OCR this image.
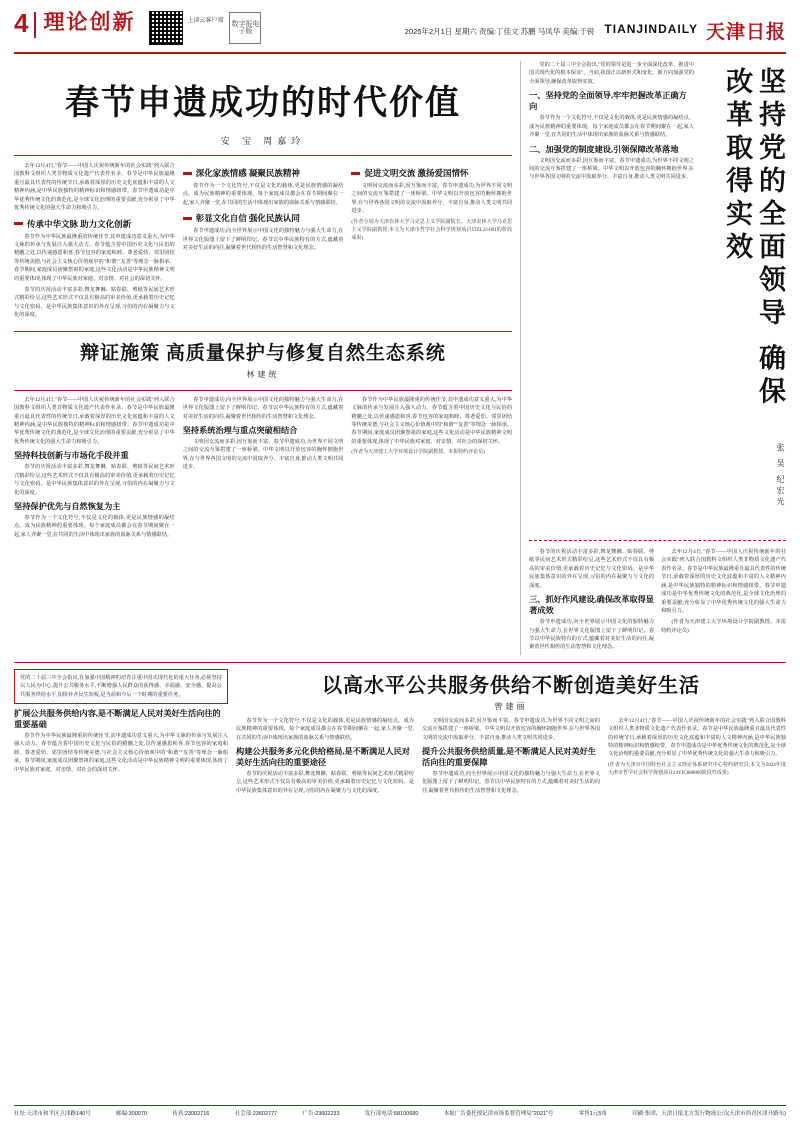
4 理论创新	上津云客户端 数字报电子版	2025年2月1日 星期六 责编:丁佳文 苏鹏 马凤华 美编:于锐 TIANJINDAILY 天津日报
春节申遗成功的时代价值
安 宝 周嘉玲

去年12月4日,"春节——中国人庆祝传统新年的社会实践"列入联合国教科文组织人类非物质文化遗产代表作名录。春节是中华民族最隆重且最具代表性的传统节日,承载着深厚的历史文化底蕴和丰富的人文精神内涵,是中华民族独特的精神标识和情感纽带。春节申遗成功是中华优秀传统文化的典范化,是全球文化治理的重要贡献,充分彰显了中华优秀传统文化的强大生命力和吸引力。

传承中华文脉 助力文化创新

春节作为中华民族最隆重的传统佳节,其申遗成功意义重大,为中华文脉的传承与发展注入强大动力。春节蕴含着中国历史文化与民俗的精髓之处,以传递感恩和喜,春节包容的家庭和睦、尊老爱幼、邻里团结等传统美德,与社会主义核心价值观中的"和谐""友善"等理念一脉相承。春节期间,家庭成员团聚祭祖的家庭,这些文化活动是中华民族精神文明的重要体现,体现了中华民族对家庭、对亲情、对社会的深切关怀。

春节的庆祝活动丰富多彩,舞龙舞狮、贴春联、剪纸等民间艺术形式精彩纷呈,这些艺术形式不仅具有极高的审美价值,更承载着历史记忆与文化密码。是中华民族集体意识的外在呈现,习俗的内在凝聚力与文化的深度。

深化家族情感 凝聚民族精神

春节作为一个文化符号,不仅是文化的载体,更是民族情感的凝结点。成为民族精神的重要体现。每个家庭成员都会在春节期间聚在一起,家人齐聚一堂,在共同的生活中体现出家族的血脉关系与情感联结。

彰显文化自信 强化民族认同

春节申遗成功,向全世界展示中国文化的独特魅力与强大生命力,在世界文化版图上留下了鲜明印记。春节以中华民族特有的方式,蕴藏着对美好生活的向往,凝聚着世代相传的生活智慧和文化理念。

促进文明交流 激扬爱国情怀

文明因交流而多彩,因互鉴而丰富。春节申遗成功,为世界不同文明之间的交流互鉴搭建了一座桥梁。中华文明以开放包容的胸怀拥抱世界,在与世界各国文明的交流中汲取养分、丰富自身,推动人类文明共同进步。

(作者分别为天津农林大学马克思主义学院副院长、天津农林大学马克思主义学院副教授;本文为天津市哲学社会科学规划项目TJZL23-001的阶段成果)
辩证施策 高质量保护与修复自然生态系统
林建统

去年12月4日,"春节——中国人庆祝传统新年的社会实践"列入联合国教科文组织人类非物质文化遗产代表作名录。春节是中华民族最隆重且最具代表性的传统节日,承载着深厚的历史文化底蕴和丰富的人文精神内涵,是中华民族独特的精神标识和情感纽带。春节申遗成功是中华优秀传统文化的典范化,是全球文化治理的重要贡献,充分彰显了中华优秀传统文化的强大生命力和吸引力。

坚持科技创新与市场化手段并重

春节的庆祝活动丰富多彩,舞龙舞狮、贴春联、剪纸等民间艺术形式精彩纷呈,这些艺术形式不仅具有极高的审美价值,更承载着历史记忆与文化密码。是中华民族集体意识的外在呈现,习俗的内在凝聚力与文化的深度。

坚持保护优先与自然恢复为主

春节作为一个文化符号,不仅是文化的载体,更是民族情感的凝结点。成为民族精神的重要体现。每个家庭成员都会在春节期间聚在一起,家人齐聚一堂,在共同的生活中体现出家族的血脉关系与情感联结。

春节申遗成功,向全世界展示中国文化的独特魅力与强大生命力,在世界文化版图上留下了鲜明印记。春节以中华民族特有的方式,蕴藏着对美好生活的向往,凝聚着世代相传的生活智慧和文化理念。

坚持系统治理与重点突破相结合

文明因交流而多彩,因互鉴而丰富。春节申遗成功,为世界不同文明之间的交流互鉴搭建了一座桥梁。中华文明以开放包容的胸怀拥抱世界,在与世界各国文明的交流中汲取养分、丰富自身,推动人类文明共同进步。

春节作为中华民族最隆重的传统佳节,其申遗成功意义重大,为中华文脉的传承与发展注入强大动力。春节蕴含着中国历史文化与民俗的精髓之处,以传递感恩和喜,春节包容的家庭和睦、尊老爱幼、邻里团结等传统美德,与社会主义核心价值观中的"和谐""友善"等理念一脉相承。春节期间,家庭成员团聚祭祖的家庭,这些文化活动是中华民族精神文明的重要体现,体现了中华民族对家庭、对亲情、对社会的深切关怀。

(作者为天津建工大学环境设计学院副教授、本报特约评论员)

党的二十届三中全会指出,"党的领导是进一步全面深化改革、推进中国式现代化的根本保证"。当前,我国正以新形式和变化、新方向加强党的全面领导,确保改革取得实效。

一、坚持党的全面领导,牢牢把握改革正确方向

春节作为一个文化符号,不仅是文化的载体,更是民族情感的凝结点。成为民族精神的重要体现。每个家庭成员都会在春节期间聚在一起,家人齐聚一堂,在共同的生活中体现出家族的血脉关系与情感联结。

二、加强党的制度建设,引领保障改革落地

文明因交流而多彩,因互鉴而丰富。春节申遗成功,为世界不同文明之间的交流互鉴搭建了一座桥梁。中华文明以开放包容的胸怀拥抱世界,在与世界各国文明的交流中汲取养分、丰富自身,推动人类文明共同进步。	坚持党的全面领导 确保改革取得实效
张 吴 纪宏光

春节的庆祝活动丰富多彩,舞龙舞狮、贴春联、剪纸等民间艺术形式精彩纷呈,这些艺术形式不仅具有极高的审美价值,更承载着历史记忆与文化密码。是中华民族集体意识的外在呈现,习俗的内在凝聚力与文化的深度。

三、抓好作风建设,确保改革取得显著成效

春节申遗成功,向全世界展示中国文化的独特魅力与强大生命力,在世界文化版图上留下了鲜明印记。春节以中华民族特有的方式,蕴藏着对美好生活的向往,凝聚着世代相传的生活智慧和文化理念。

去年12月4日,"春节——中国人庆祝传统新年的社会实践"列入联合国教科文组织人类非物质文化遗产代表作名录。春节是中华民族最隆重且最具代表性的传统节日,承载着深厚的历史文化底蕴和丰富的人文精神内涵,是中华民族独特的精神标识和情感纽带。春节申遗成功是中华优秀传统文化的典范化,是全球文化治理的重要贡献,充分彰显了中华优秀传统文化的强大生命力和吸引力。

(作者为天津建工大学环境设计学院副教授、本报特约评论员)

党的二十届三中全会指出,在加强中国精神的培育注重中国式现代化的重大任务,必须坚持以人民为中心,提升公共服务水平,不断增强人民群众的获得感、幸福感、安全感。提高公共服务供给水平,加快补齐民生短板,是当前和今后一个时期的重要任务。
扩展公共服务供给内容,是不断满足人民对美好生活向往的重要基础

春节作为中华民族最隆重的传统佳节,其申遗成功意义重大,为中华文脉的传承与发展注入强大动力。春节蕴含着中国历史文化与民俗的精髓之处,以传递感恩和喜,春节包容的家庭和睦、尊老爱幼、邻里团结等传统美德,与社会主义核心价值观中的"和谐""友善"等理念一脉相承。春节期间,家庭成员团聚祭祖的家庭,这些文化活动是中华民族精神文明的重要体现,体现了中华民族对家庭、对亲情、对社会的深切关怀。

以高水平公共服务供给不断创造美好生活
曾建丽

春节作为一个文化符号,不仅是文化的载体,更是民族情感的凝结点。成为民族精神的重要体现。每个家庭成员都会在春节期间聚在一起,家人齐聚一堂,在共同的生活中体现出家族的血脉关系与情感联结。

构建公共服务多元化供给格局,是不断满足人民对美好生活向往的重要途径

春节的庆祝活动丰富多彩,舞龙舞狮、贴春联、剪纸等民间艺术形式精彩纷呈,这些艺术形式不仅具有极高的审美价值,更承载着历史记忆与文化密码。是中华民族集体意识的外在呈现,习俗的内在凝聚力与文化的深度。

文明因交流而多彩,因互鉴而丰富。春节申遗成功,为世界不同文明之间的交流互鉴搭建了一座桥梁。中华文明以开放包容的胸怀拥抱世界,在与世界各国文明的交流中汲取养分、丰富自身,推动人类文明共同进步。

提升公共服务供给质量,是不断满足人民对美好生活向往的重要保障

春节申遗成功,向全世界展示中国文化的独特魅力与强大生命力,在世界文化版图上留下了鲜明印记。春节以中华民族特有的方式,蕴藏着对美好生活的向往,凝聚着世代相传的生活智慧和文化理念。

去年12月4日,"春节——中国人庆祝传统新年的社会实践"列入联合国教科文组织人类非物质文化遗产代表作名录。春节是中华民族最隆重且最具代表性的传统节日,承载着深厚的历史文化底蕴和丰富的人文精神内涵,是中华民族独特的精神标识和情感纽带。春节申遗成功是中华优秀传统文化的典范化,是全球文化治理的重要贡献,充分彰显了中华优秀传统文化的强大生命力和吸引力。

(作者为天津市中国特色社会主义理论体系研究中心特约研究员;本文为2024年度天津市哲学社会科学规划项目24YJC880009阶段性成果)
社址:天津市和平区卫津路140号	邮编:300070	传真:23002716	社会部:23602777	广告:23602233	发行部电话:58100680	本报广告委托授记津市场监督管理局"2021"号	零售1元5角	印刷:集团、天津日报北方发行物流公司(天津市西青区津开路东)
